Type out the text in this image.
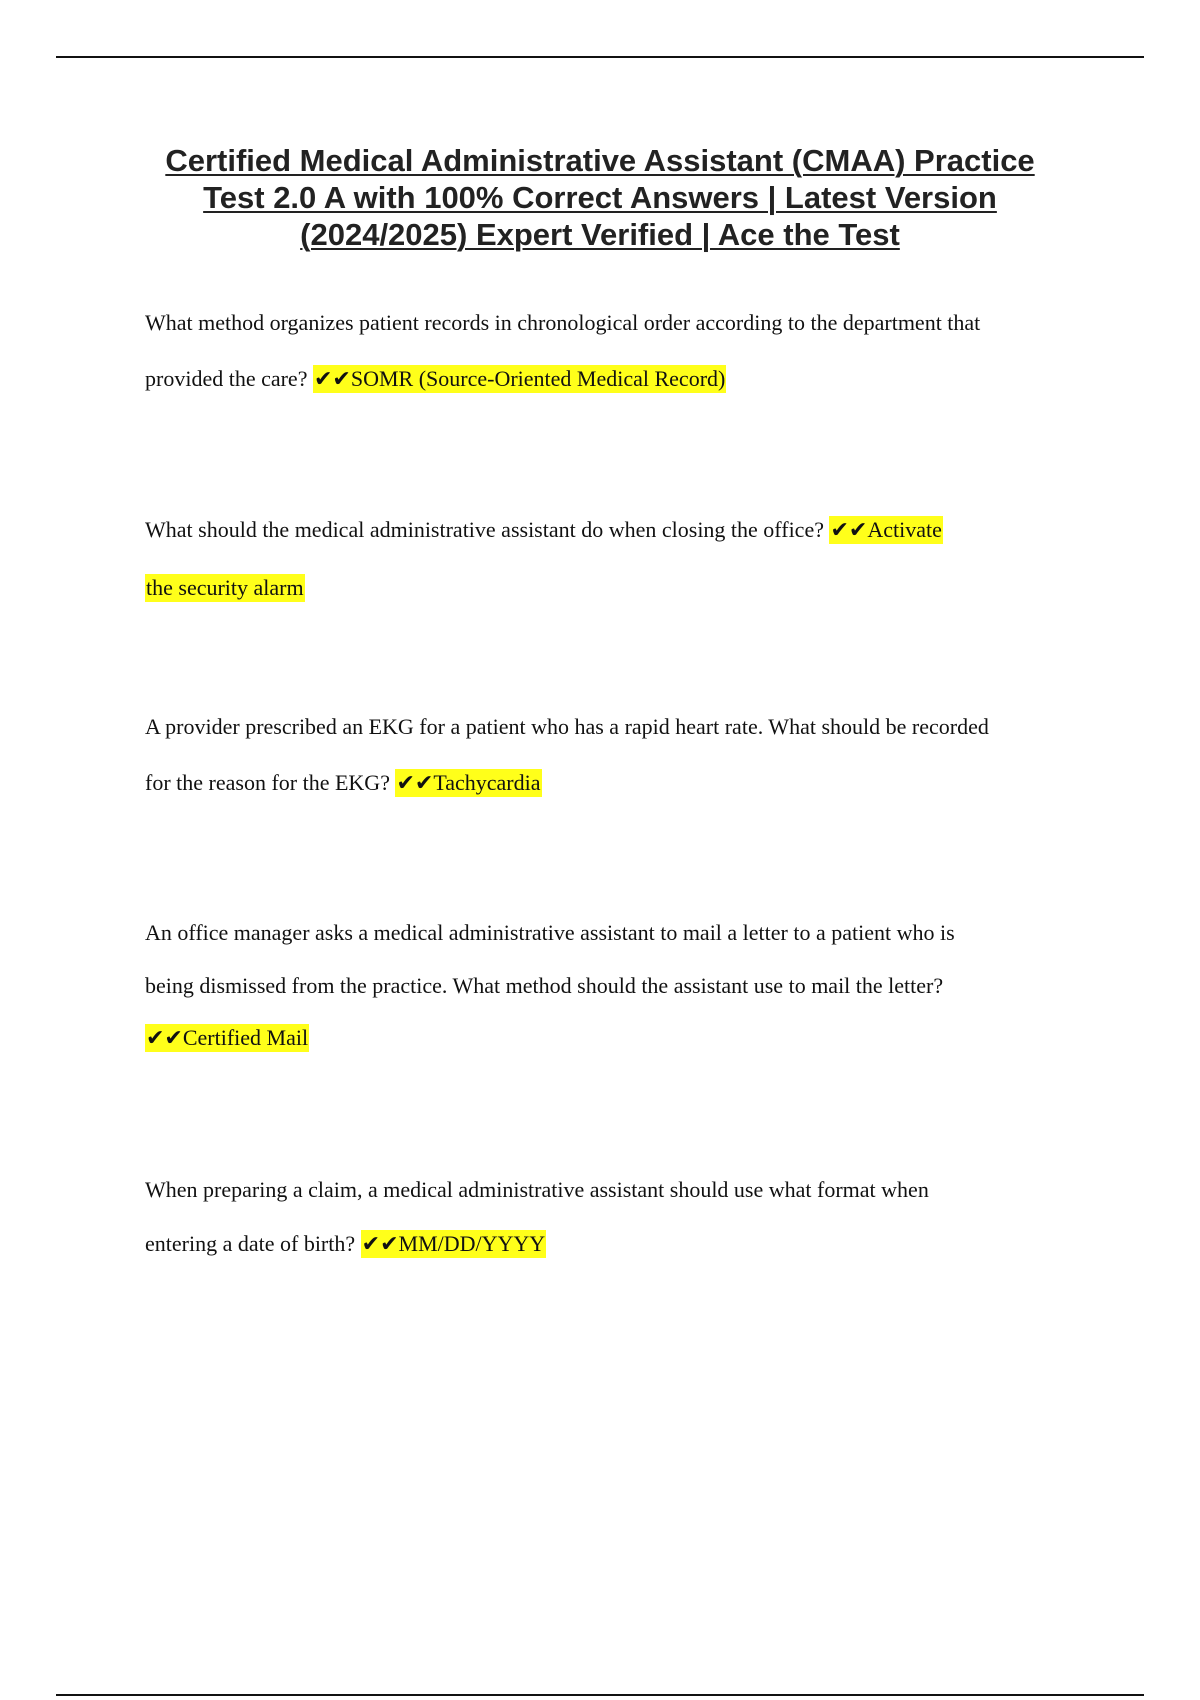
Certified Medical Administrative Assistant (CMAA) Practice
Test 2.0 A with 100% Correct Answers | Latest Version
(2024/2025) Expert Verified | Ace the Test
What method organizes patient records in chronological order according to the department that
provided the care? ✔✔SOMR (Source-Oriented Medical Record)
What should the medical administrative assistant do when closing the office? ✔✔Activate
the security alarm
A provider prescribed an EKG for a patient who has a rapid heart rate. What should be recorded
for the reason for the EKG? ✔✔Tachycardia
An office manager asks a medical administrative assistant to mail a letter to a patient who is
being dismissed from the practice. What method should the assistant use to mail the letter?
✔✔Certified Mail
When preparing a claim, a medical administrative assistant should use what format when
entering a date of birth? ✔✔MM/DD/YYYY
